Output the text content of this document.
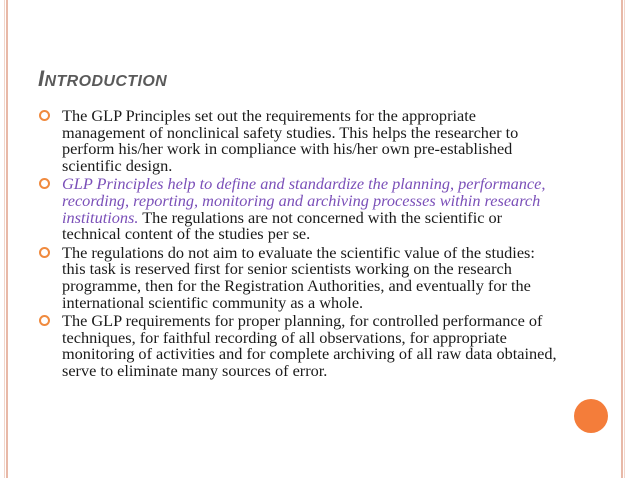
INTRODUCTION
The GLP Principles set out the requirements for the appropriate management of nonclinical safety studies. This helps the researcher to perform his/her work in compliance with his/her own pre-established scientific design.
GLP Principles help to define and standardize the planning, performance, recording, reporting, monitoring and archiving processes within research institutions. The regulations are not concerned with the scientific or technical content of the studies per se.
The regulations do not aim to evaluate the scientific value of the studies: this task is reserved first for senior scientists working on the research programme, then for the Registration Authorities, and eventually for the international scientific community as a whole.
The GLP requirements for proper planning, for controlled performance of techniques, for faithful recording of all observations, for appropriate monitoring of activities and for complete archiving of all raw data obtained, serve to eliminate many sources of error.
